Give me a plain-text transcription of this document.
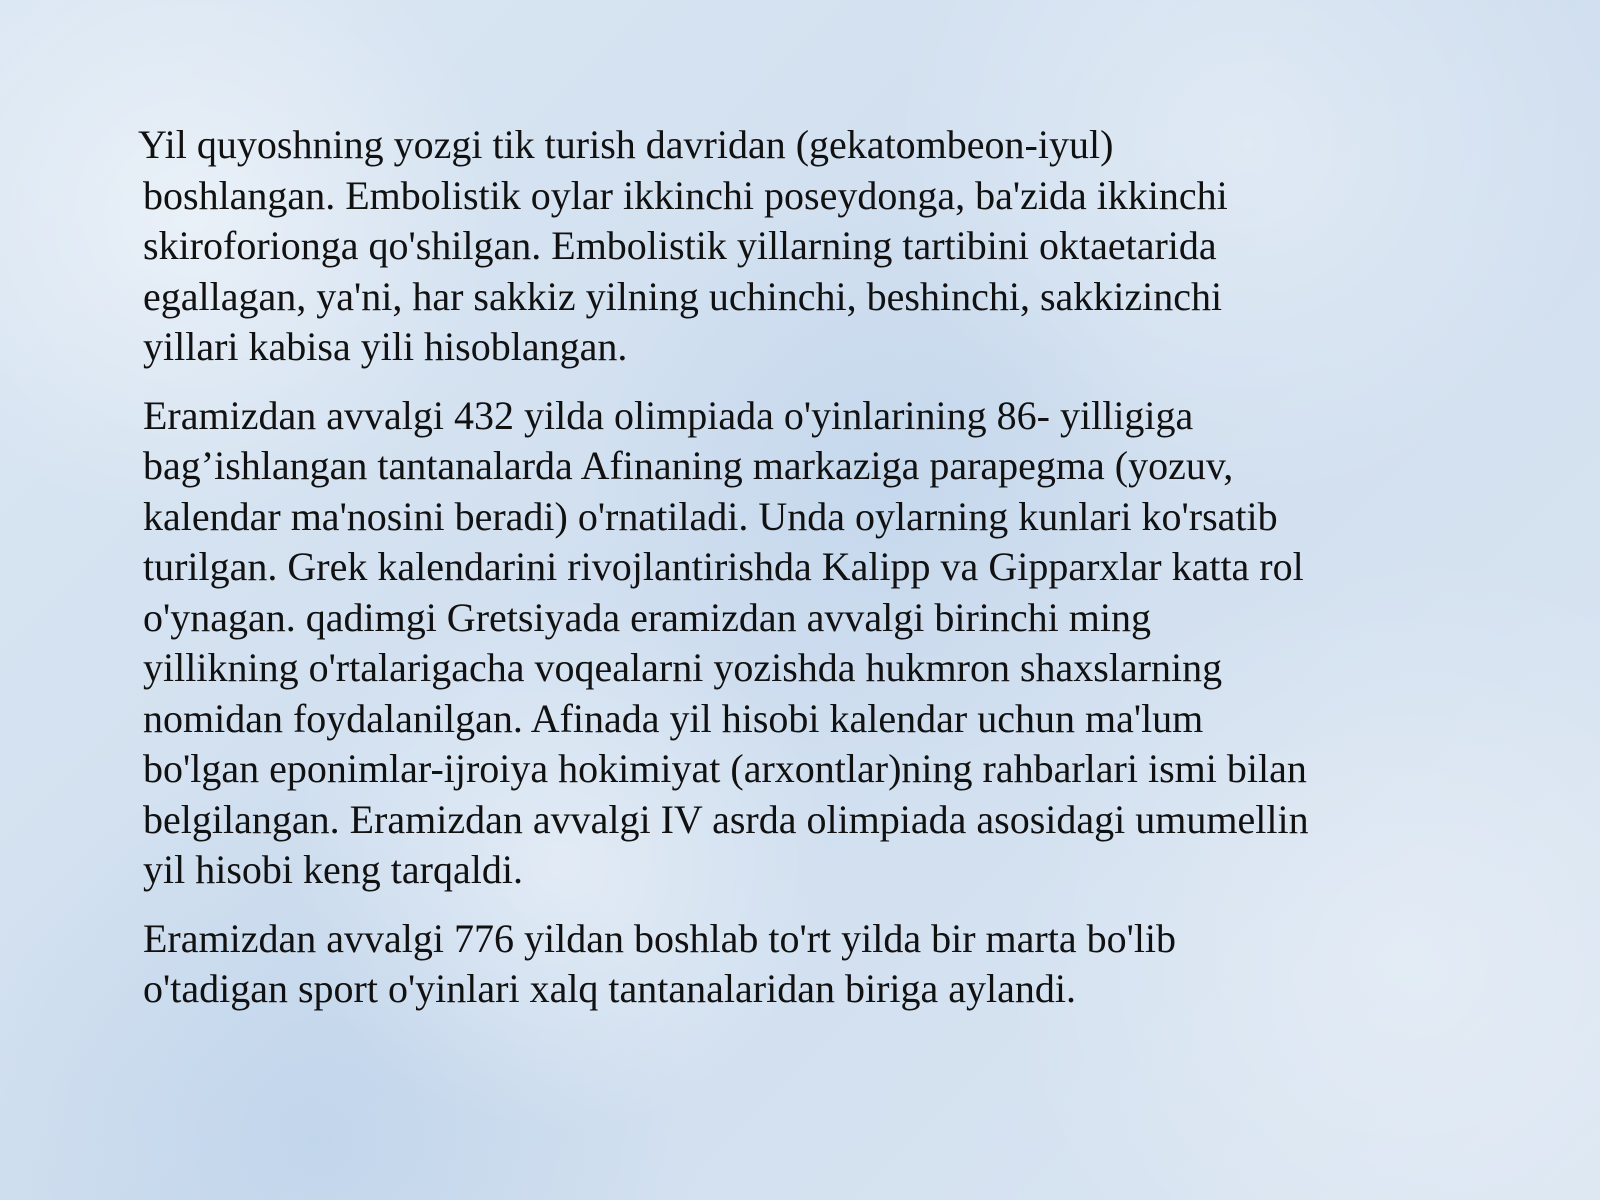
Yil quyoshning yozgi tik turish davridan (gekatombeon-iyul)
boshlangan. Embolistik oylar ikkinchi poseydonga, ba'zida ikkinchi
skiroforionga qo'shilgan. Embolistik yillarning tartibini oktaetarida
egallagan, ya'ni, har sakkiz yilning uchinchi, beshinchi, sakkizinchi
yillari kabisa yili hisoblangan.

Eramizdan avvalgi 432 yilda olimpiada o'yinlarining 86- yilligiga
bag’ishlangan tantanalarda Afinaning markaziga parapegma (yozuv,
kalendar ma'nosini beradi) o'rnatiladi. Unda oylarning kunlari ko'rsatib
turilgan. Grek kalendarini rivojlantirishda Kalipp va Gipparxlar katta rol
o'ynagan. qadimgi Gretsiyada eramizdan avvalgi birinchi ming
yillikning o'rtalarigacha voqealarni yozishda hukmron shaxslarning
nomidan foydalanilgan. Afinada yil hisobi kalendar uchun ma'lum
bo'lgan eponimlar-ijroiya hokimiyat (arxontlar)ning rahbarlari ismi bilan
belgilangan. Eramizdan avvalgi IV asrda olimpiada asosidagi umumellin
yil hisobi keng tarqaldi.

Eramizdan avvalgi 776 yildan boshlab to'rt yilda bir marta bo'lib
o'tadigan sport o'yinlari xalq tantanalaridan biriga aylandi.
